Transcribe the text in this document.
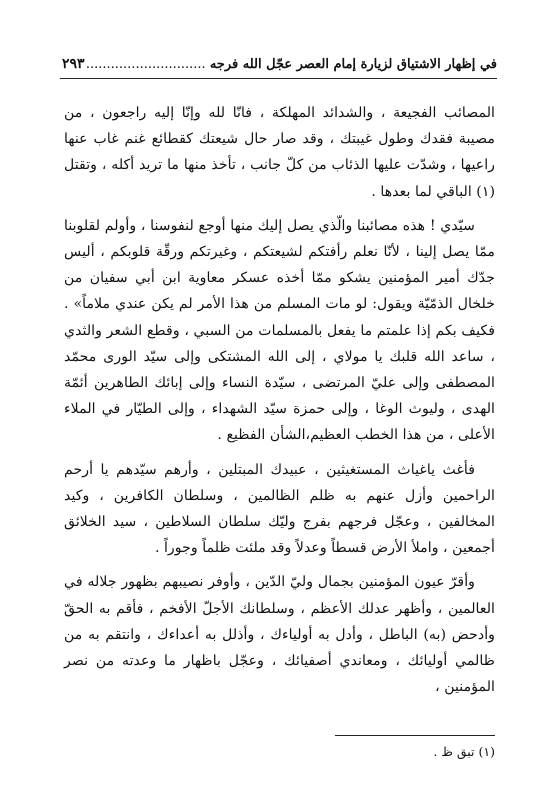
في إظهار الاشتياق لزيارة إمام العصر عجّل الله فرجه .....
٢٩٣

المصائب الفجيعة ، والشدائد المهلكة ، فانّا لله وإنّا إليه راجعون ، من مصيبة فقدك وطول غيبتك ، وقد صار حال شيعتك كقطائع غنم غاب عنها راعيها ، وشدّت عليها الذئاب من كلّ جانب ، تأخذ منها ما تريد أكله ، وتقتل (١) الباقي لما بعدها .

سيّدي ! هذه مصائبنا والّذي يصل إليك منها أوجع لنفوسنا ، وأولم لقلوبنا ممّا يصل إلينا ، لأنّا نعلم رأفتكم لشيعتكم ، وغيرتكم ورقّة قلوبكم ، أليس جدّك أمير المؤمنين يشكو ممّا أخذه عسكر معاوية ابن أبي سفيان من خلخال الذمّيّة ويقول: لو مات المسلم من هذا الأمر لم يكن عندي ملاماً» . فكيف بكم إذا علمتم ما يفعل بالمسلمات من السبي ، وقطع الشعر والثدي ، ساعد الله قلبك يا مولاي ، إلى الله المشتكى وإلى سيّد الورى محمّد المصطفى وإلى عليّ المرتضى ، سيّدة النساء وإلى إبائك الطاهرين أئمّة الهدى ، وليوث الوغا ، وإلى حمزة سيّد الشهداء ، وإلى الطيّار في الملاء الأعلى ، من هذا الخطب العظيم،الشأن الفظيع .

فأغث ياغياث المستغيثين ، عبيدك المبتلين ، وأرهم سيّدهم يا أرحم الراحمين وأزل عنهم به ظلم الظالمين ، وسلطان الكافرين ، وكيد المخالفين ، وعجّل فرجهم بفرج وليّك سلطان السلاطين ، سيد الخلائق أجمعين ، واملأ الأرض قسطاً وعدلاً وقد ملئت ظلماً وجوراً .

وأقرّ عيون المؤمنين بجمال وليّ الدّين ، وأوفر نصيبهم بظهور جلاله في العالمين ، وأظهر عدلك الأعظم ، وسلطانك الأجلّ الأفخم ، فأقم به الحقّ وأدحض (به) الباطل ، وأدل به أولياءك ، وأذلل به أعداءك ، وانتقم به من ظالمي أوليائك ، ومعاندي أصفيائك ، وعجّل باظهار ما وعدته من نصر المؤمنين ،

(١) تبق ظ .
